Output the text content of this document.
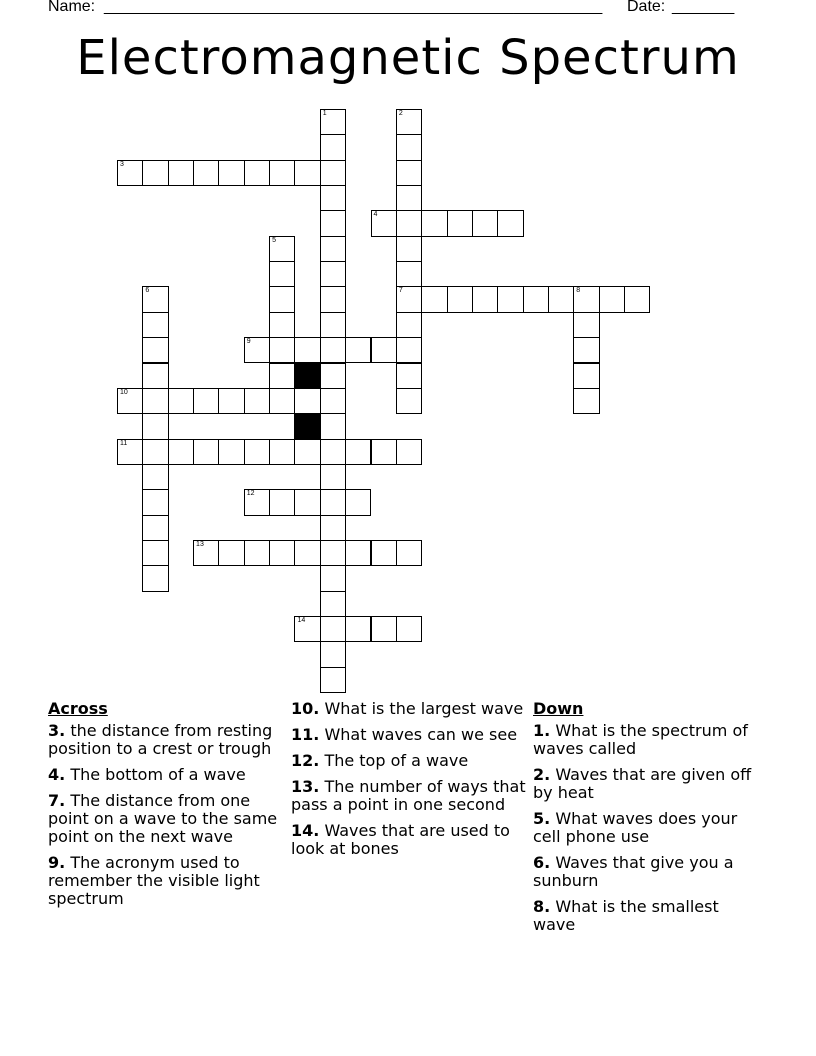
Name: ________________________________________________________ Date: _______
Electromagnetic Spectrum
1	2
7
3
4
5
6	8
9
10
11
12
13
14
Across
3. the distance from resting position to a crest or trough
4. The bottom of a wave
7. The distance from one point on a wave to the same point on the next wave
9. The acronym used to remember the visible light spectrum
10. What is the largest wave
11. What waves can we see
12. The top of a wave
13. The number of ways that pass a point in one second
14. Waves that are used to look at bones
Down
1. What is the spectrum of waves called
2. Waves that are given off by heat
5. What waves does your cell phone use
6. Waves that give you a sunburn
8. What is the smallest wave
